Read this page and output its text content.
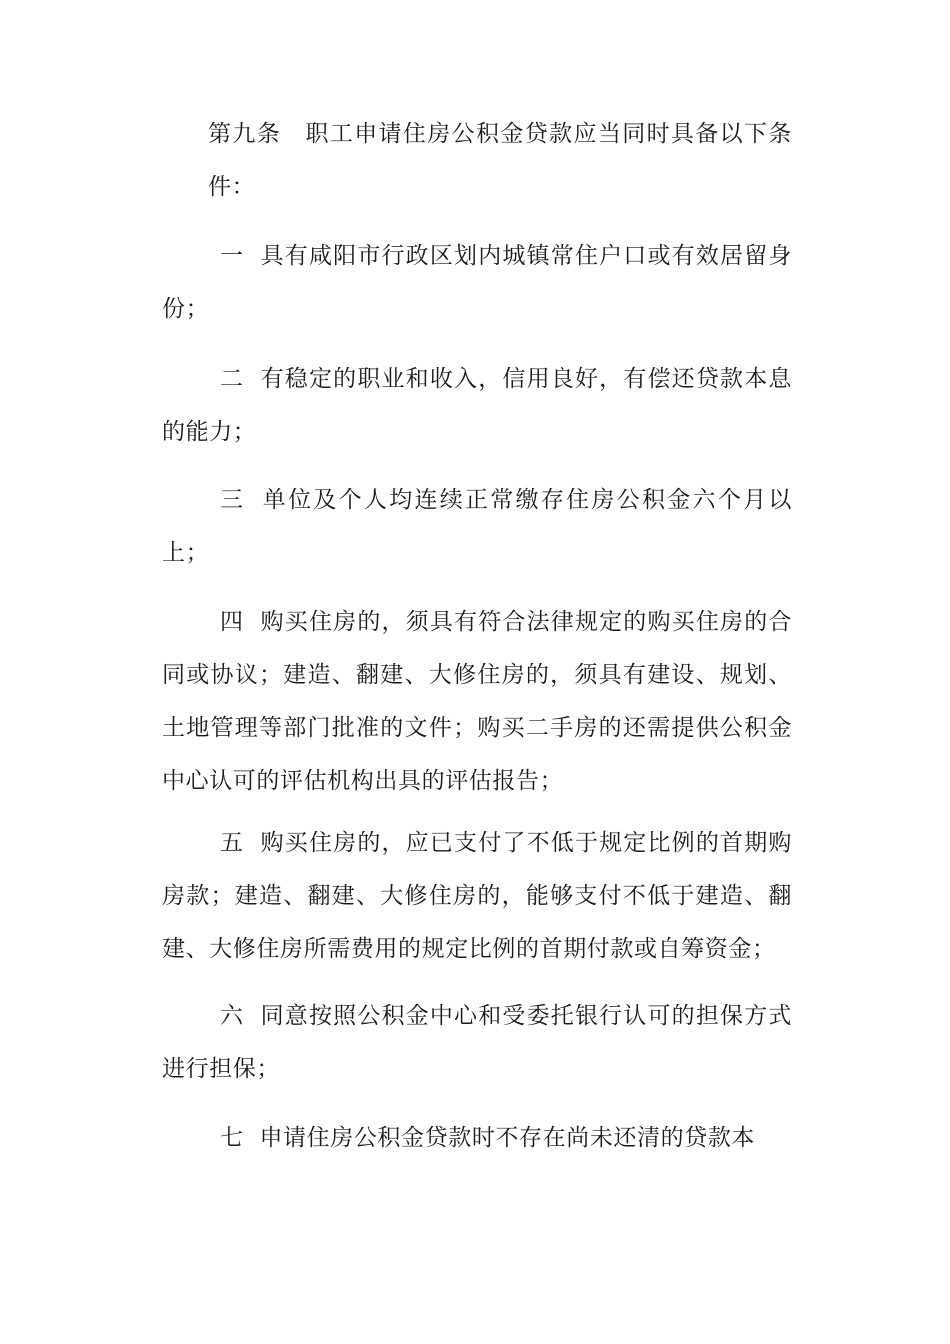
第九条　职工申请住房公积金贷款应当同时具备以下条件：

一 具有咸阳市行政区划内城镇常住户口或有效居留身份；

二 有稳定的职业和收入，信用良好，有偿还贷款本息的能力；

三 单位及个人均连续正常缴存住房公积金六个月以上；

四 购买住房的，须具有符合法律规定的购买住房的合同或协议；建造、翻建、大修住房的，须具有建设、规划、土地管理等部门批准的文件；购买二手房的还需提供公积金中心认可的评估机构出具的评估报告；

五 购买住房的，应已支付了不低于规定比例的首期购房款；建造、翻建、大修住房的，能够支付不低于建造、翻建、大修住房所需费用的规定比例的首期付款或自筹资金；

六 同意按照公积金中心和受委托银行认可的担保方式进行担保；

七 申请住房公积金贷款时不存在尚未还清的贷款本
